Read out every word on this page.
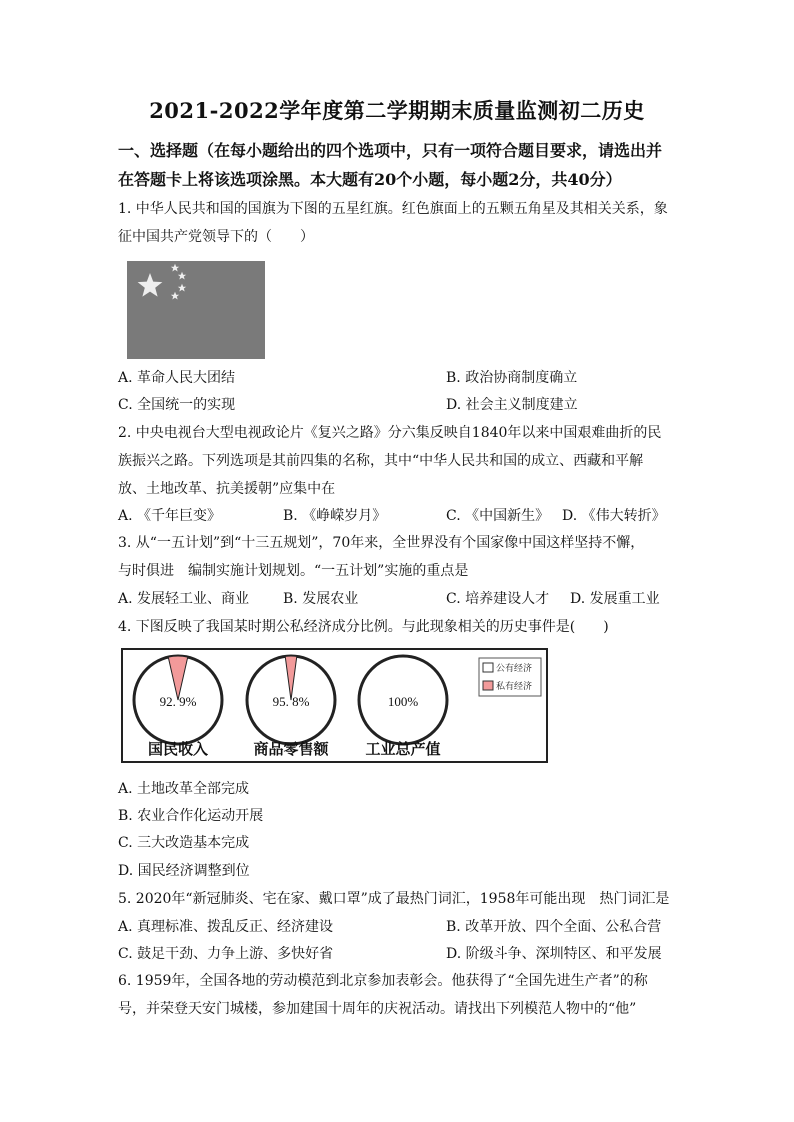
2021-2022学年度第二学期期末质量监测初二历史
一、选择题（在每小题给出的四个选项中，只有一项符合题目要求，请选出并
在答题卡上将该选项涂黑。本大题有20个小题，每小题2分，共40分）
1. 中华人民共和国的国旗为下图的五星红旗。红色旗面上的五颗五角星及其相关关系，象
征中国共产党领导下的（　　）
A. 革命人民大团结	B. 政治协商制度确立
C. 全国统一的实现	D. 社会主义制度建立
2. 中央电视台大型电视政论片《复兴之路》分六集反映自1840年以来中国艰难曲折的民
族振兴之路。下列选项是其前四集的名称，其中“中华人民共和国的成立、西藏和平解
放、土地改革、抗美援朝”应集中在
A. 《千年巨变》	B. 《峥嵘岁月》	C. 《中国新生》 D. 《伟大转折》
3. 从“一五计划”到“十三五规划”，70年来，全世界没有个国家像中国这样坚持不懈，
与时俱进　编制实施计划规划。“一五计划”实施的重点是
A. 发展轻工业、商业 B. 发展农业	C. 培养建设人才 D. 发展重工业
4. 下图反映了我国某时期公私经济成分比例。与此现象相关的历史事件是(　　)
92. 9%
国民收入
95. 8%
商品零售额
100%
工业总产值
公有经济
私有经济
A. 土地改革全部完成
B. 农业合作化运动开展
C. 三大改造基本完成
D. 国民经济调整到位
5. 2020年“新冠肺炎、宅在家、戴口罩”成了最热门词汇，1958年可能出现　热门词汇是
A. 真理标准、拨乱反正、经济建设	B. 改革开放、四个全面、公私合营
C. 鼓足干劲、力争上游、多快好省	D. 阶级斗争、深圳特区、和平发展
6. 1959年，全国各地的劳动模范到北京参加表彰会。他获得了“全国先进生产者”的称
号，并荣登天安门城楼，参加建国十周年的庆祝活动。请找出下列模范人物中的“他”
